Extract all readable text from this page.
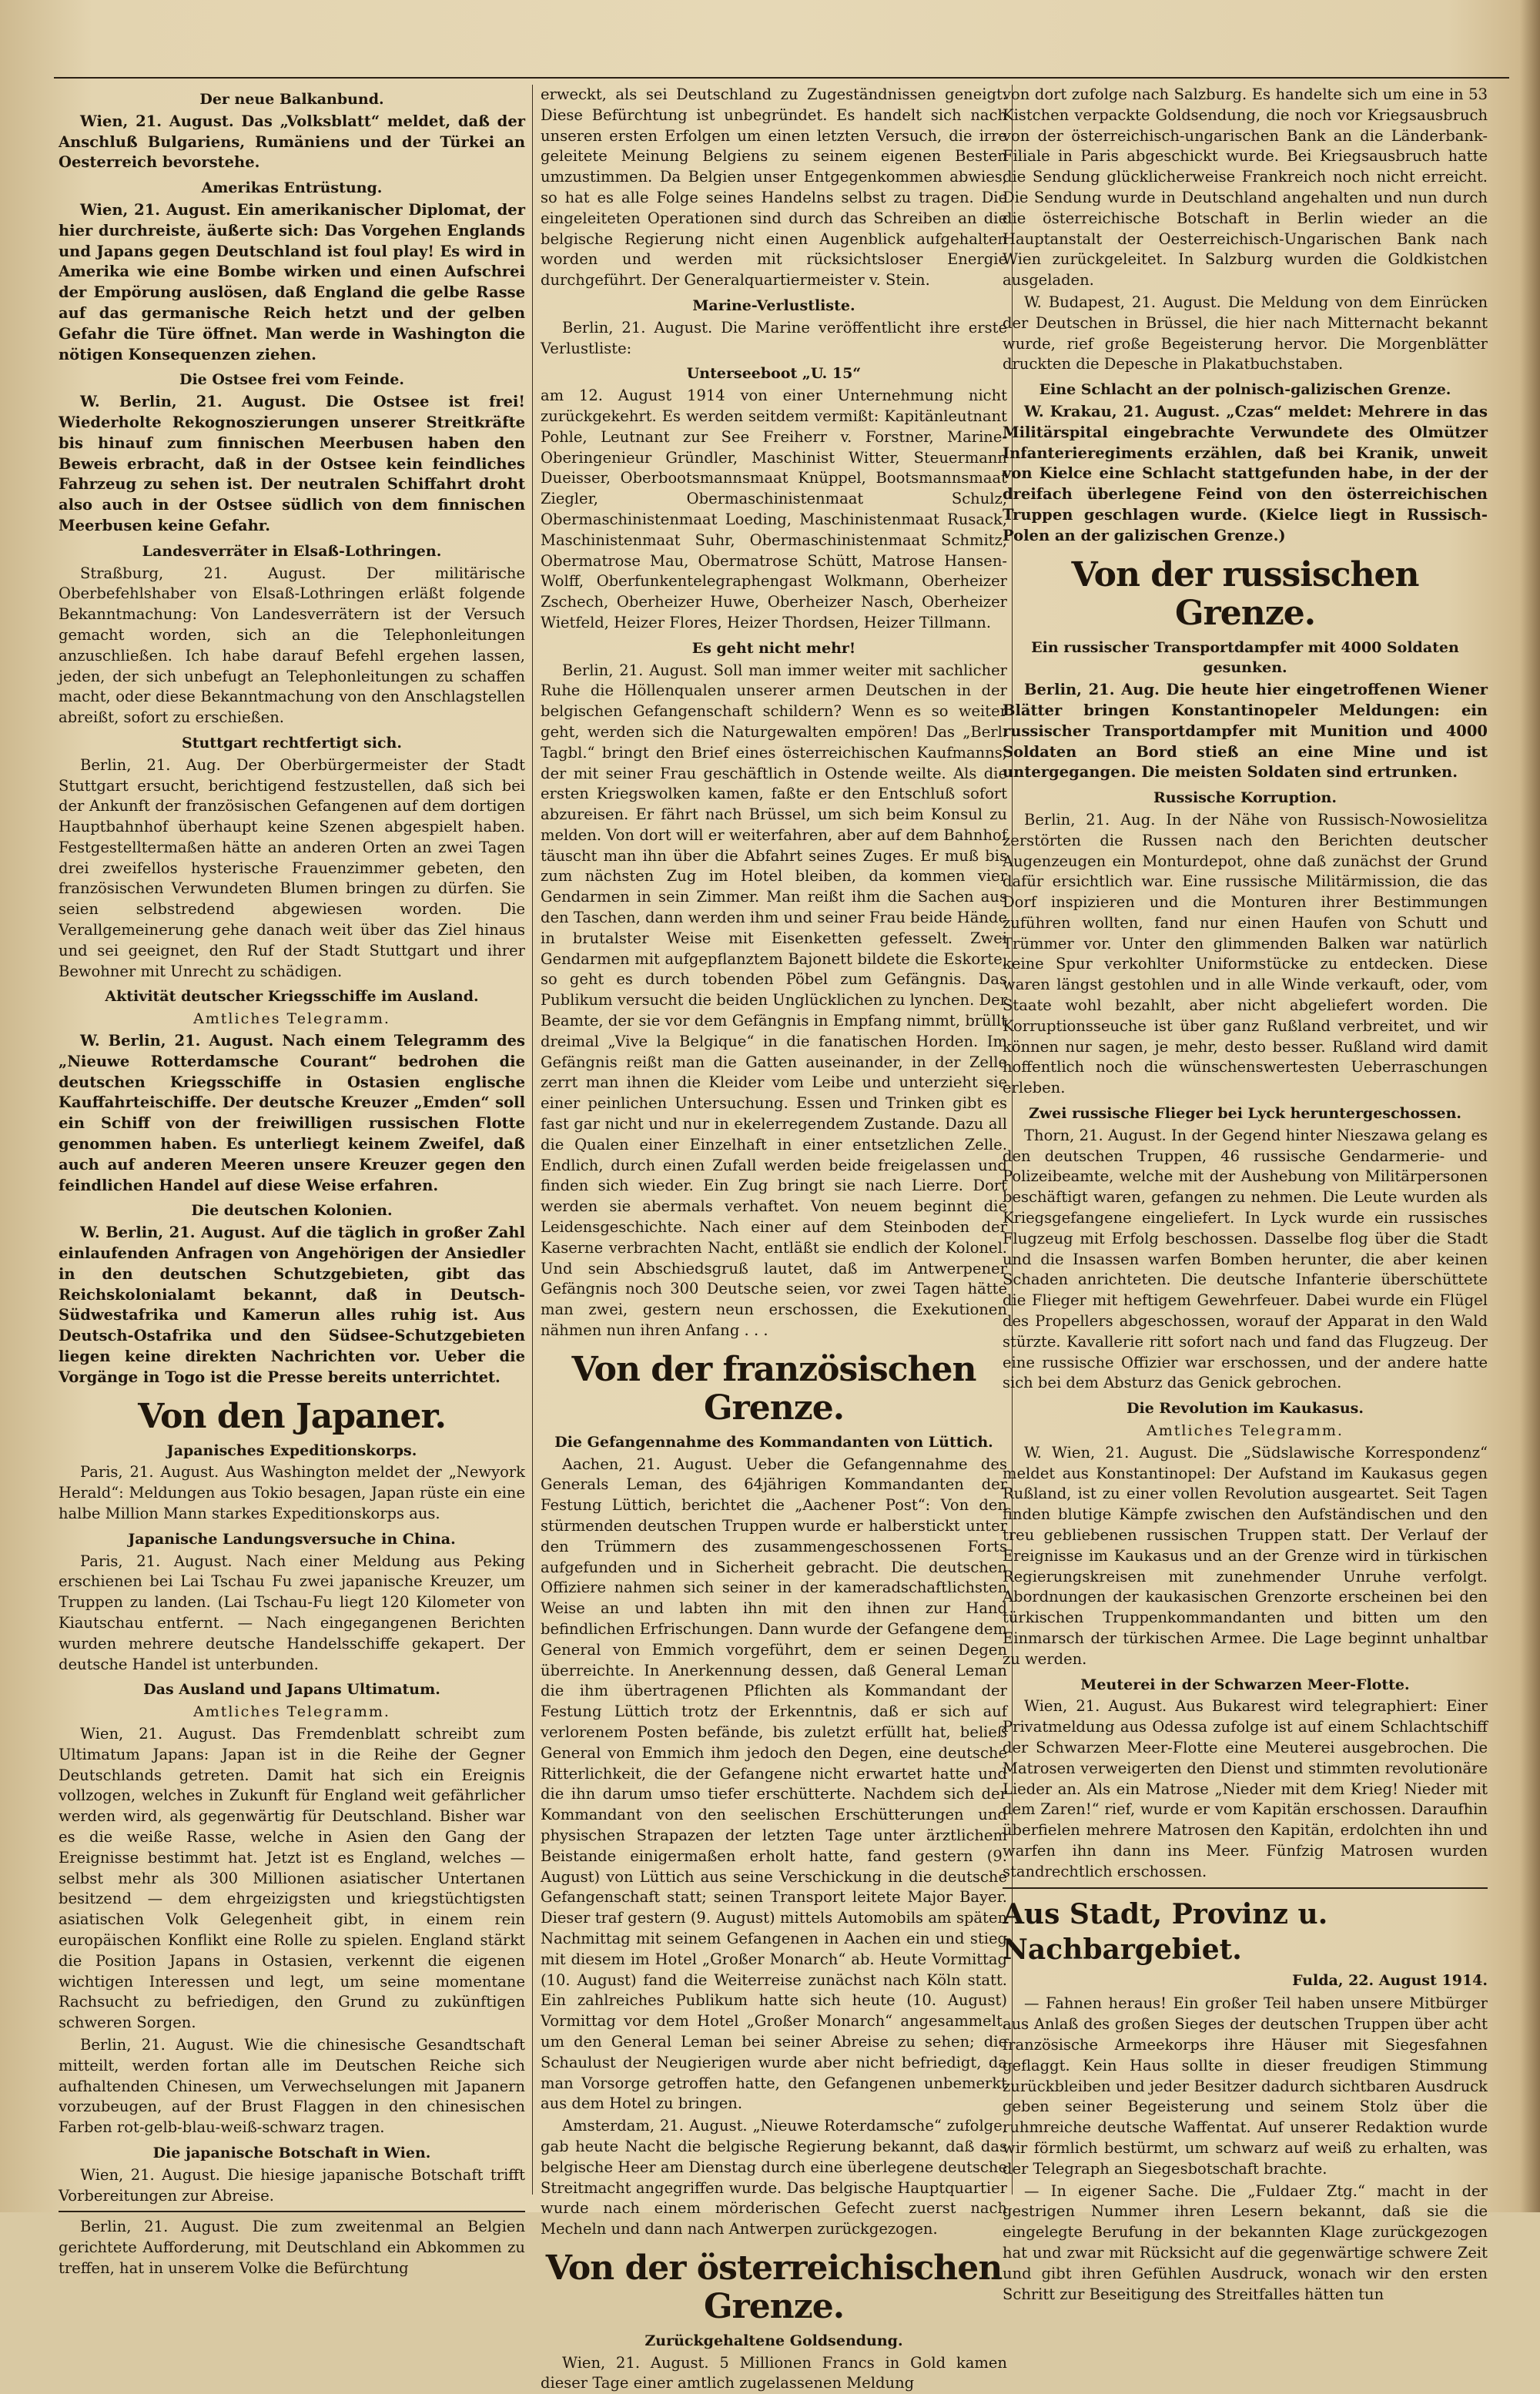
Der neue Balkanbund.

Wien, 21. August. Das „Volksblatt“ meldet, daß der Anschluß Bulgariens, Rumäniens und der Türkei an Oesterreich bevorstehe.

Amerikas Entrüstung.

Wien, 21. August. Ein amerikanischer Diplomat, der hier durchreiste, äußerte sich: Das Vorgehen Englands und Japans gegen Deutschland ist foul play! Es wird in Amerika wie eine Bombe wirken und einen Aufschrei der Empörung auslösen, daß England die gelbe Rasse auf das germanische Reich hetzt und der gelben Gefahr die Türe öffnet. Man werde in Washington die nötigen Konsequenzen ziehen.

Die Ostsee frei vom Feinde.

W. Berlin, 21. August. Die Ostsee ist frei! Wiederholte Rekognoszierungen unserer Streitkräfte bis hinauf zum finnischen Meerbusen haben den Beweis erbracht, daß in der Ostsee kein feindliches Fahrzeug zu sehen ist. Der neutralen Schiffahrt droht also auch in der Ostsee südlich von dem finnischen Meerbusen keine Gefahr.

Landesverräter in Elsaß-Lothringen.

Straßburg, 21. August. Der militärische Oberbefehlshaber von Elsaß-Lothringen erläßt folgende Bekanntmachung: Von Landesverrätern ist der Versuch gemacht worden, sich an die Telephonleitungen anzuschließen. Ich habe darauf Befehl ergehen lassen, jeden, der sich unbefugt an Telephonleitungen zu schaffen macht, oder diese Bekanntmachung von den Anschlagstellen abreißt, sofort zu erschießen.

Stuttgart rechtfertigt sich.

Berlin, 21. Aug. Der Oberbürgermeister der Stadt Stuttgart ersucht, berichtigend festzustellen, daß sich bei der Ankunft der französischen Gefangenen auf dem dortigen Hauptbahnhof überhaupt keine Szenen abgespielt haben. Festgestelltermaßen hätte an anderen Orten an zwei Tagen drei zweifellos hysterische Frauenzimmer gebeten, den französischen Verwundeten Blumen bringen zu dürfen. Sie seien selbstredend abgewiesen worden. Die Verallgemeinerung gehe danach weit über das Ziel hinaus und sei geeignet, den Ruf der Stadt Stuttgart und ihrer Bewohner mit Unrecht zu schädigen.

Aktivität deutscher Kriegsschiffe im Ausland.
Amtliches Telegramm.

W. Berlin, 21. August. Nach einem Telegramm des „Nieuwe Rotterdamsche Courant“ bedrohen die deutschen Kriegsschiffe in Ostasien englische Kauffahrteischiffe. Der deutsche Kreuzer „Emden“ soll ein Schiff von der freiwilligen russischen Flotte genommen haben. Es unterliegt keinem Zweifel, daß auch auf anderen Meeren unsere Kreuzer gegen den feindlichen Handel auf diese Weise erfahren.

Die deutschen Kolonien.

W. Berlin, 21. August. Auf die täglich in großer Zahl einlaufenden Anfragen von Angehörigen der Ansiedler in den deutschen Schutzgebieten, gibt das Reichskolonialamt bekannt, daß in Deutsch-Südwestafrika und Kamerun alles ruhig ist. Aus Deutsch-Ostafrika und den Südsee-Schutzgebieten liegen keine direkten Nachrichten vor. Ueber die Vorgänge in Togo ist die Presse bereits unterrichtet.

Von den Japaner.
Japanisches Expeditionskorps.

Paris, 21. August. Aus Washington meldet der „Newyork Herald“: Meldungen aus Tokio besagen, Japan rüste ein eine halbe Million Mann starkes Expeditionskorps aus.

Japanische Landungsversuche in China.

Paris, 21. August. Nach einer Meldung aus Peking erschienen bei Lai Tschau Fu zwei japanische Kreuzer, um Truppen zu landen. (Lai Tschau-Fu liegt 120 Kilometer von Kiautschau entfernt. — Nach eingegangenen Berichten wurden mehrere deutsche Handelsschiffe gekapert. Der deutsche Handel ist unterbunden.

Das Ausland und Japans Ultimatum.
Amtliches Telegramm.

Wien, 21. August. Das Fremdenblatt schreibt zum Ultimatum Japans: Japan ist in die Reihe der Gegner Deutschlands getreten. Damit hat sich ein Ereignis vollzogen, welches in Zukunft für England weit gefährlicher werden wird, als gegenwärtig für Deutschland. Bisher war es die weiße Rasse, welche in Asien den Gang der Ereignisse bestimmt hat. Jetzt ist es England, welches — selbst mehr als 300 Millionen asiatischer Untertanen besitzend — dem ehrgeizigsten und kriegstüchtigsten asiatischen Volk Gelegenheit gibt, in einem rein europäischen Konflikt eine Rolle zu spielen. England stärkt die Position Japans in Ostasien, verkennt die eigenen wichtigen Interessen und legt, um seine momentane Rachsucht zu befriedigen, den Grund zu zukünftigen schweren Sorgen.

Berlin, 21. August. Wie die chinesische Gesandtschaft mitteilt, werden fortan alle im Deutschen Reiche sich aufhaltenden Chinesen, um Verwechselungen mit Japanern vorzubeugen, auf der Brust Flaggen in den chinesischen Farben rot-gelb-blau-weiß-schwarz tragen.

Die japanische Botschaft in Wien.

Wien, 21. August. Die hiesige japanische Botschaft trifft Vorbereitungen zur Abreise.

Berlin, 21. August. Die zum zweitenmal an Belgien gerichtete Aufforderung, mit Deutschland ein Abkommen zu treffen, hat in unserem Volke die Befürchtung

erweckt, als sei Deutschland zu Zugeständnissen geneigt. Diese Befürchtung ist unbegründet. Es handelt sich nach unseren ersten Erfolgen um einen letzten Versuch, die irre geleitete Meinung Belgiens zu seinem eigenen Besten umzustimmen. Da Belgien unser Entgegenkommen abwies, so hat es alle Folge seines Handelns selbst zu tragen. Die eingeleiteten Operationen sind durch das Schreiben an die belgische Regierung nicht einen Augenblick aufgehalten worden und werden mit rücksichtsloser Energie durchgeführt. Der Generalquartiermeister v. Stein.

Marine-Verlustliste.

Berlin, 21. August. Die Marine veröffentlicht ihre erste Verlustliste:

Unterseeboot „U. 15“

am 12. August 1914 von einer Unternehmung nicht zurückgekehrt. Es werden seitdem vermißt: Kapitänleutnant Pohle, Leutnant zur See Freiherr v. Forstner, Marine-Oberingenieur Gründler, Maschinist Witter, Steuermann Dueisser, Oberbootsmannsmaat Knüppel, Bootsmannsmaat Ziegler, Obermaschinistenmaat Schulz, Obermaschinistenmaat Loeding, Maschinistenmaat Rusack, Maschinistenmaat Suhr, Obermaschinistenmaat Schmitz, Obermatrose Mau, Obermatrose Schütt, Matrose Hansen-Wolff, Oberfunkentelegraphengast Wolkmann, Oberheizer Zschech, Oberheizer Huwe, Oberheizer Nasch, Oberheizer Wietfeld, Heizer Flores, Heizer Thordsen, Heizer Tillmann.

Es geht nicht mehr!

Berlin, 21. August. Soll man immer weiter mit sachlicher Ruhe die Höllenqualen unserer armen Deutschen in der belgischen Gefangenschaft schildern? Wenn es so weiter geht, werden sich die Naturgewalten empören! Das „Berl. Tagbl.“ bringt den Brief eines österreichischen Kaufmanns, der mit seiner Frau geschäftlich in Ostende weilte. Als die ersten Kriegswolken kamen, faßte er den Entschluß sofort abzureisen. Er fährt nach Brüssel, um sich beim Konsul zu melden. Von dort will er weiterfahren, aber auf dem Bahnhof täuscht man ihn über die Abfahrt seines Zuges. Er muß bis zum nächsten Zug im Hotel bleiben, da kommen vier Gendarmen in sein Zimmer. Man reißt ihm die Sachen aus den Taschen, dann werden ihm und seiner Frau beide Hände in brutalster Weise mit Eisenketten gefesselt. Zwei Gendarmen mit aufgepflanztem Bajonett bildete die Eskorte, so geht es durch tobenden Pöbel zum Gefängnis. Das Publikum versucht die beiden Unglücklichen zu lynchen. Der Beamte, der sie vor dem Gefängnis in Empfang nimmt, brüllt dreimal „Vive la Belgique“ in die fanatischen Horden. Im Gefängnis reißt man die Gatten auseinander, in der Zelle zerrt man ihnen die Kleider vom Leibe und unterzieht sie einer peinlichen Untersuchung. Essen und Trinken gibt es fast gar nicht und nur in ekelerregendem Zustande. Dazu all die Qualen einer Einzelhaft in einer entsetzlichen Zelle. Endlich, durch einen Zufall werden beide freigelassen und finden sich wieder. Ein Zug bringt sie nach Lierre. Dort werden sie abermals verhaftet. Von neuem beginnt die Leidensgeschichte. Nach einer auf dem Steinboden der Kaserne verbrachten Nacht, entläßt sie endlich der Kolonel. Und sein Abschiedsgruß lautet, daß im Antwerpener Gefängnis noch 300 Deutsche seien, vor zwei Tagen hätte man zwei, gestern neun erschossen, die Exekutionen nähmen nun ihren Anfang . . .

Von der französischen Grenze.
Die Gefangennahme des Kommandanten von Lüttich.

Aachen, 21. August. Ueber die Gefangennahme des Generals Leman, des 64jährigen Kommandanten der Festung Lüttich, berichtet die „Aachener Post“: Von den stürmenden deutschen Truppen wurde er halberstickt unter den Trümmern des zusammengeschossenen Forts aufgefunden und in Sicherheit gebracht. Die deutschen Offiziere nahmen sich seiner in der kameradschaftlichsten Weise an und labten ihn mit den ihnen zur Hand befindlichen Erfrischungen. Dann wurde der Gefangene dem General von Emmich vorgeführt, dem er seinen Degen überreichte. In Anerkennung dessen, daß General Leman die ihm übertragenen Pflichten als Kommandant der Festung Lüttich trotz der Erkenntnis, daß er sich auf verlorenem Posten befände, bis zuletzt erfüllt hat, beließ General von Emmich ihm jedoch den Degen, eine deutsche Ritterlichkeit, die der Gefangene nicht erwartet hatte und die ihn darum umso tiefer erschütterte. Nachdem sich der Kommandant von den seelischen Erschütterungen und physischen Strapazen der letzten Tage unter ärztlichem Beistande einigermaßen erholt hatte, fand gestern (9. August) von Lüttich aus seine Verschickung in die deutsche Gefangenschaft statt; seinen Transport leitete Major Bayer. Dieser traf gestern (9. August) mittels Automobils am späten Nachmittag mit seinem Gefangenen in Aachen ein und stieg mit diesem im Hotel „Großer Monarch“ ab. Heute Vormittag (10. August) fand die Weiterreise zunächst nach Köln statt. Ein zahlreiches Publikum hatte sich heute (10. August) Vormittag vor dem Hotel „Großer Monarch“ angesammelt, um den General Leman bei seiner Abreise zu sehen; die Schaulust der Neugierigen wurde aber nicht befriedigt, da man Vorsorge getroffen hatte, den Gefangenen unbemerkt aus dem Hotel zu bringen.

Amsterdam, 21. August. „Nieuwe Roterdamsche“ zufolge, gab heute Nacht die belgische Regierung bekannt, daß das belgische Heer am Dienstag durch eine überlegene deutsche Streitmacht angegriffen wurde. Das belgische Hauptquartier wurde nach einem mörderischen Gefecht zuerst nach Mecheln und dann nach Antwerpen zurückgezogen.

Von der österreichischen Grenze.
Zurückgehaltene Goldsendung.

Wien, 21. August. 5 Millionen Francs in Gold kamen dieser Tage einer amtlich zugelassenen Meldung

von dort zufolge nach Salzburg. Es handelte sich um eine in 53 Kistchen verpackte Goldsendung, die noch vor Kriegsausbruch von der österreichisch-ungarischen Bank an die Länderbank-Filiale in Paris abgeschickt wurde. Bei Kriegsausbruch hatte die Sendung glücklicherweise Frankreich noch nicht erreicht. Die Sendung wurde in Deutschland angehalten und nun durch die österreichische Botschaft in Berlin wieder an die Hauptanstalt der Oesterreichisch-Ungarischen Bank nach Wien zurückgeleitet. In Salzburg wurden die Goldkistchen ausgeladen.

W. Budapest, 21. August. Die Meldung von dem Einrücken der Deutschen in Brüssel, die hier nach Mitternacht bekannt wurde, rief große Begeisterung hervor. Die Morgenblätter druckten die Depesche in Plakatbuchstaben.

Eine Schlacht an der polnisch-galizischen Grenze.

W. Krakau, 21. August. „Czas“ meldet: Mehrere in das Militärspital eingebrachte Verwundete des Olmützer Infanterieregiments erzählen, daß bei Kranik, unweit von Kielce eine Schlacht stattgefunden habe, in der der dreifach überlegene Feind von den österreichischen Truppen geschlagen wurde. (Kielce liegt in Russisch-Polen an der galizischen Grenze.)

Von der russischen Grenze.
Ein russischer Transportdampfer mit 4000 Soldaten gesunken.

Berlin, 21. Aug. Die heute hier eingetroffenen Wiener Blätter bringen Konstantinopeler Meldungen: ein russischer Transportdampfer mit Munition und 4000 Soldaten an Bord stieß an eine Mine und ist untergegangen. Die meisten Soldaten sind ertrunken.

Russische Korruption.

Berlin, 21. Aug. In der Nähe von Russisch-Nowosielitza zerstörten die Russen nach den Berichten deutscher Augenzeugen ein Monturdepot, ohne daß zunächst der Grund dafür ersichtlich war. Eine russische Militärmission, die das Dorf inspizieren und die Monturen ihrer Bestimmungen zuführen wollten, fand nur einen Haufen von Schutt und Trümmer vor. Unter den glimmenden Balken war natürlich keine Spur verkohlter Uniformstücke zu entdecken. Diese waren längst gestohlen und in alle Winde verkauft, oder, vom Staate wohl bezahlt, aber nicht abgeliefert worden. Die Korruptionsseuche ist über ganz Rußland verbreitet, und wir können nur sagen, je mehr, desto besser. Rußland wird damit hoffentlich noch die wünschenswertesten Ueberraschungen erleben.

Zwei russische Flieger bei Lyck heruntergeschossen.

Thorn, 21. August. In der Gegend hinter Nieszawa gelang es den deutschen Truppen, 46 russische Gendarmerie- und Polizeibeamte, welche mit der Aushebung von Militärpersonen beschäftigt waren, gefangen zu nehmen. Die Leute wurden als Kriegsgefangene eingeliefert. In Lyck wurde ein russisches Flugzeug mit Erfolg beschossen. Dasselbe flog über die Stadt und die Insassen warfen Bomben herunter, die aber keinen Schaden anrichteten. Die deutsche Infanterie überschüttete die Flieger mit heftigem Gewehrfeuer. Dabei wurde ein Flügel des Propellers abgeschossen, worauf der Apparat in den Wald stürzte. Kavallerie ritt sofort nach und fand das Flugzeug. Der eine russische Offizier war erschossen, und der andere hatte sich bei dem Absturz das Genick gebrochen.

Die Revolution im Kaukasus.
Amtliches Telegramm.

W. Wien, 21. August. Die „Südslawische Korrespondenz“ meldet aus Konstantinopel: Der Aufstand im Kaukasus gegen Rußland, ist zu einer vollen Revolution ausgeartet. Seit Tagen finden blutige Kämpfe zwischen den Aufständischen und den treu gebliebenen russischen Truppen statt. Der Verlauf der Ereignisse im Kaukasus und an der Grenze wird in türkischen Regierungskreisen mit zunehmender Unruhe verfolgt. Abordnungen der kaukasischen Grenzorte erscheinen bei den türkischen Truppenkommandanten und bitten um den Einmarsch der türkischen Armee. Die Lage beginnt unhaltbar zu werden.

Meuterei in der Schwarzen Meer-Flotte.

Wien, 21. August. Aus Bukarest wird telegraphiert: Einer Privatmeldung aus Odessa zufolge ist auf einem Schlachtschiff der Schwarzen Meer-Flotte eine Meuterei ausgebrochen. Die Matrosen verweigerten den Dienst und stimmten revolutionäre Lieder an. Als ein Matrose „Nieder mit dem Krieg! Nieder mit dem Zaren!“ rief, wurde er vom Kapitän erschossen. Daraufhin überfielen mehrere Matrosen den Kapitän, erdolchten ihn und warfen ihn dann ins Meer. Fünfzig Matrosen wurden standrechtlich erschossen.

Aus Stadt, Provinz u. Nachbargebiet.
Fulda, 22. August 1914.

— Fahnen heraus! Ein großer Teil haben unsere Mitbürger aus Anlaß des großen Sieges der deutschen Truppen über acht französische Armeekorps ihre Häuser mit Siegesfahnen geflaggt. Kein Haus sollte in dieser freudigen Stimmung zurückbleiben und jeder Besitzer dadurch sichtbaren Ausdruck geben seiner Begeisterung und seinem Stolz über die ruhmreiche deutsche Waffentat. Auf unserer Redaktion wurde wir förmlich bestürmt, um schwarz auf weiß zu erhalten, was der Telegraph an Siegesbotschaft brachte.

— In eigener Sache. Die „Fuldaer Ztg.“ macht in der gestrigen Nummer ihren Lesern bekannt, daß sie die eingelegte Berufung in der bekannten Klage zurückgezogen hat und zwar mit Rücksicht auf die gegenwärtige schwere Zeit und gibt ihren Gefühlen Ausdruck, wonach wir den ersten Schritt zur Beseitigung des Streitfalles hätten tun
